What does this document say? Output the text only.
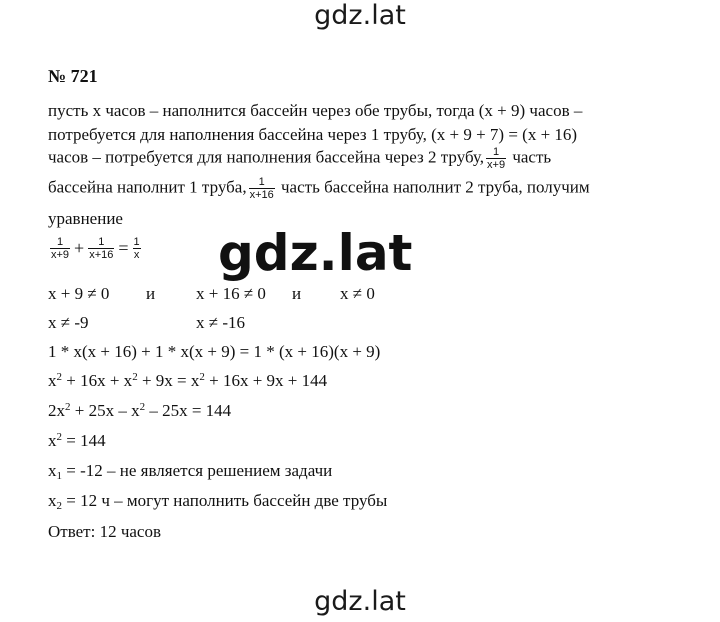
gdz.lat
№ 721
пусть x часов – наполнится бассейн через обе трубы, тогда (x + 9) часов –
потребуется для наполнения бассейна через 1 трубу, (x + 9 + 7) = (x + 16)
часов – потребуется для наполнения бассейна через 2 трубу, $\frac{1}{x+9}$ часть
бассейна наполнит 1 труба, $\frac{1}{x+16}$ часть бассейна наполнит 2 труба, получим
уравнение
$\frac{1}{x+9} + \frac{1}{x+16} = \frac{1}{x} gdz.lat$
x + 9 ≠ 0 и x + 16 ≠ 0 и x ≠ 0
x ≠ -9	x ≠ -16
1 * x(x + 16) + 1 * x(x + 9) = 1 * (x + 16)(x + 9)
$x^2 + 16x + x^2 + 9x = x^2 + 16x + 9x + 144$
$2x^2 + 25x - x^2 - 25x = 144$
$x^2 = 144$
$x_1 = -12$ – не является решением задачи
$x_2 = 12$ ч – могут наполнить бассейн две трубы
Ответ: 12 часов
gdz.lat
